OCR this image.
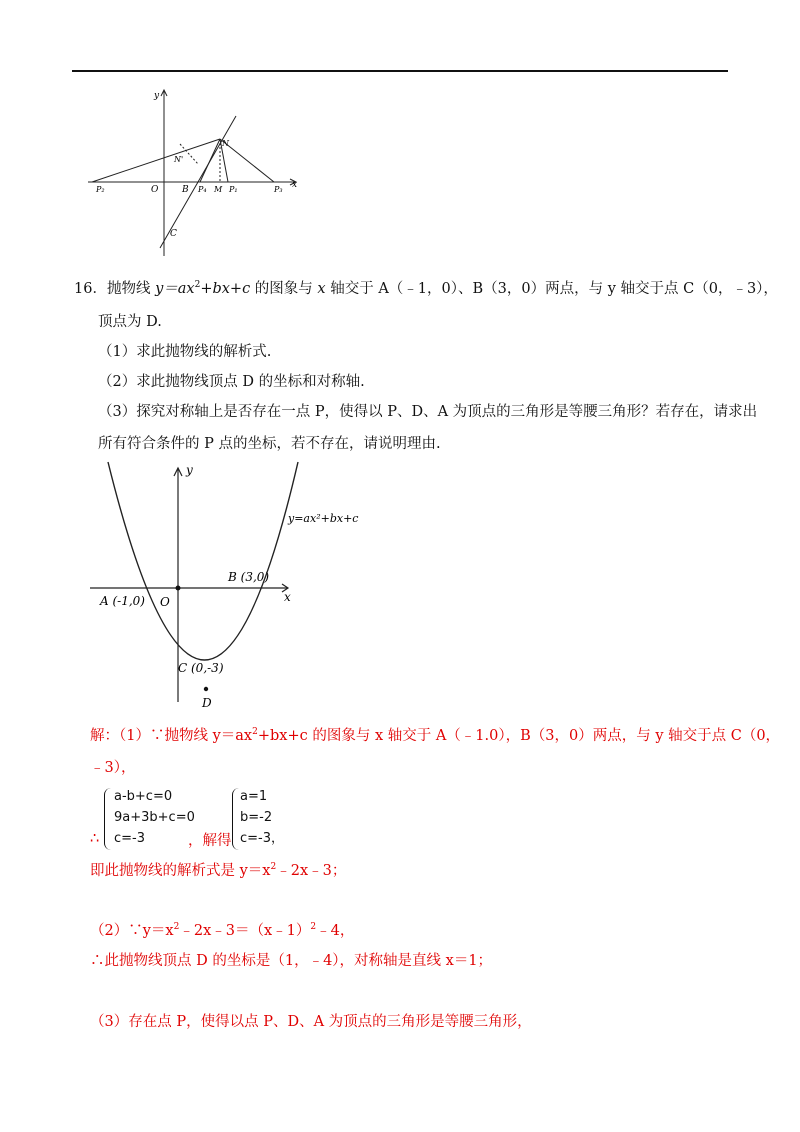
y
x
O	B
C
N
N'
P₂	P₄ M P₁	P₃
16．抛物线 $y=ax^2+bx+c$ 的图象与 x 轴交于 A（﹣1，0）、B（3，0）两点，与 y 轴交于点 C（0，﹣3），
顶点为 D.
（1）求此抛物线的解析式.
（2）求此抛物线顶点 D 的坐标和对称轴.
（3）探究对称轴上是否存在一点 P，使得以 P、D、A 为顶点的三角形是等腰三角形？若存在，请求出
所有符合条件的 P 点的坐标，若不存在，请说明理由.
y
x
O
A (-1,0)
B (3,0)
C (0,-3)
D
y=ax²+bx+c
解：（1）∵抛物线 $y=ax^2+bx+c$ 的图象与 x 轴交于 A（﹣1.0），B（3，0）两点，与 y 轴交于点 C（0，
﹣3），
∴
a-b+c=0
9a+3b+c=0
c=-3	，解得
a=1
b=-2
c=-3，
即此抛物线的解析式是 $y=x^2﹣2x﹣3$；
$(2)\because y=x^2﹣2x﹣3=(x﹣1)^2﹣4$，
∴此抛物线顶点 D 的坐标是（1，﹣4），对称轴是直线 x＝1；
（3）存在点 P，使得以点 P、D、A 为顶点的三角形是等腰三角形，
